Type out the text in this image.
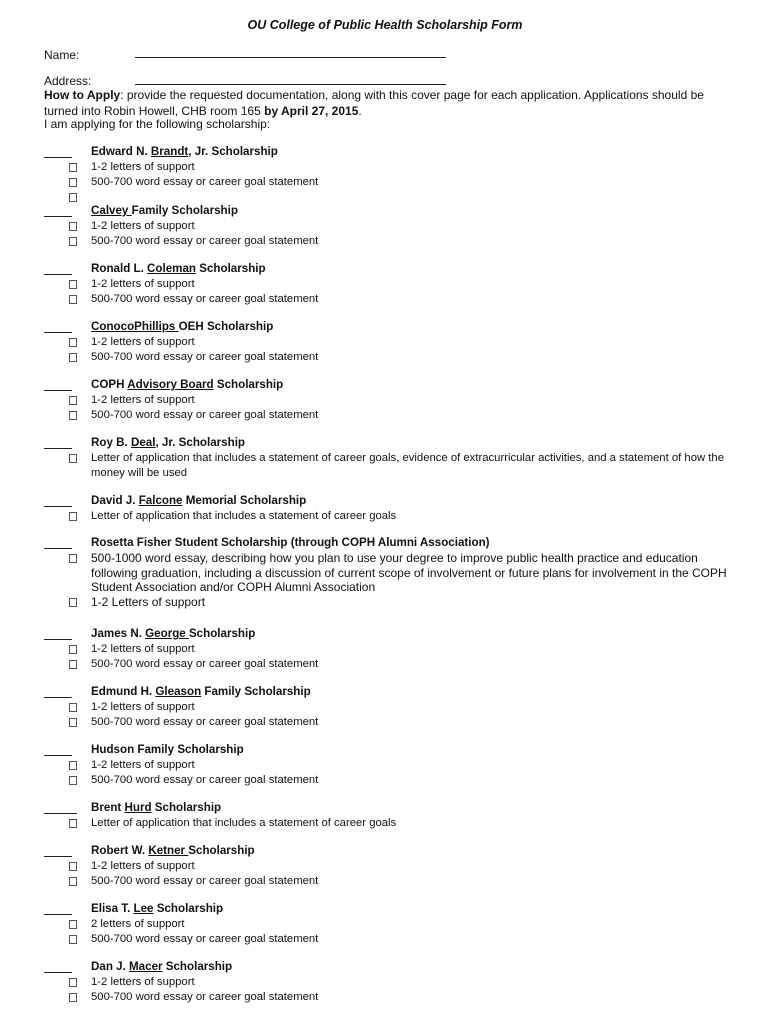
OU College of Public Health Scholarship Form
Name:
Address:
How to Apply: provide the requested documentation, along with this cover page for each application. Applications should be turned into Robin Howell, CHB room 165 by April 27, 2015.
I am applying for the following scholarship:
Edward N. Brandt, Jr. Scholarship
1-2 letters of support
500-700 word essay or career goal statement
Calvey Family Scholarship
1-2 letters of support
500-700 word essay or career goal statement
Ronald L. Coleman Scholarship
1-2 letters of support
500-700 word essay or career goal statement
ConocoPhillips OEH Scholarship
1-2 letters of support
500-700 word essay or career goal statement
COPH Advisory Board Scholarship
1-2 letters of support
500-700 word essay or career goal statement
Roy B. Deal, Jr. Scholarship
Letter of application that includes a statement of career goals, evidence of extracurricular activities, and a statement of how the money will be used
David J. Falcone Memorial Scholarship
Letter of application that includes a statement of career goals
Rosetta Fisher Student Scholarship (through COPH Alumni Association)
500-1000 word essay, describing how you plan to use your degree to improve public health practice and education following graduation, including a discussion of current scope of involvement or future plans for involvement in the COPH Student Association and/or COPH Alumni Association
1-2 Letters of support
James N. George Scholarship
1-2 letters of support
500-700 word essay or career goal statement
Edmund H. Gleason Family Scholarship
1-2 letters of support
500-700 word essay or career goal statement
Hudson Family Scholarship
1-2 letters of support
500-700 word essay or career goal statement
Brent Hurd Scholarship
Letter of application that includes a statement of career goals
Robert W. Ketner Scholarship
1-2 letters of support
500-700 word essay or career goal statement
Elisa T. Lee Scholarship
2 letters of support
500-700 word essay or career goal statement
Dan J. Macer Scholarship
1-2 letters of support
500-700 word essay or career goal statement
